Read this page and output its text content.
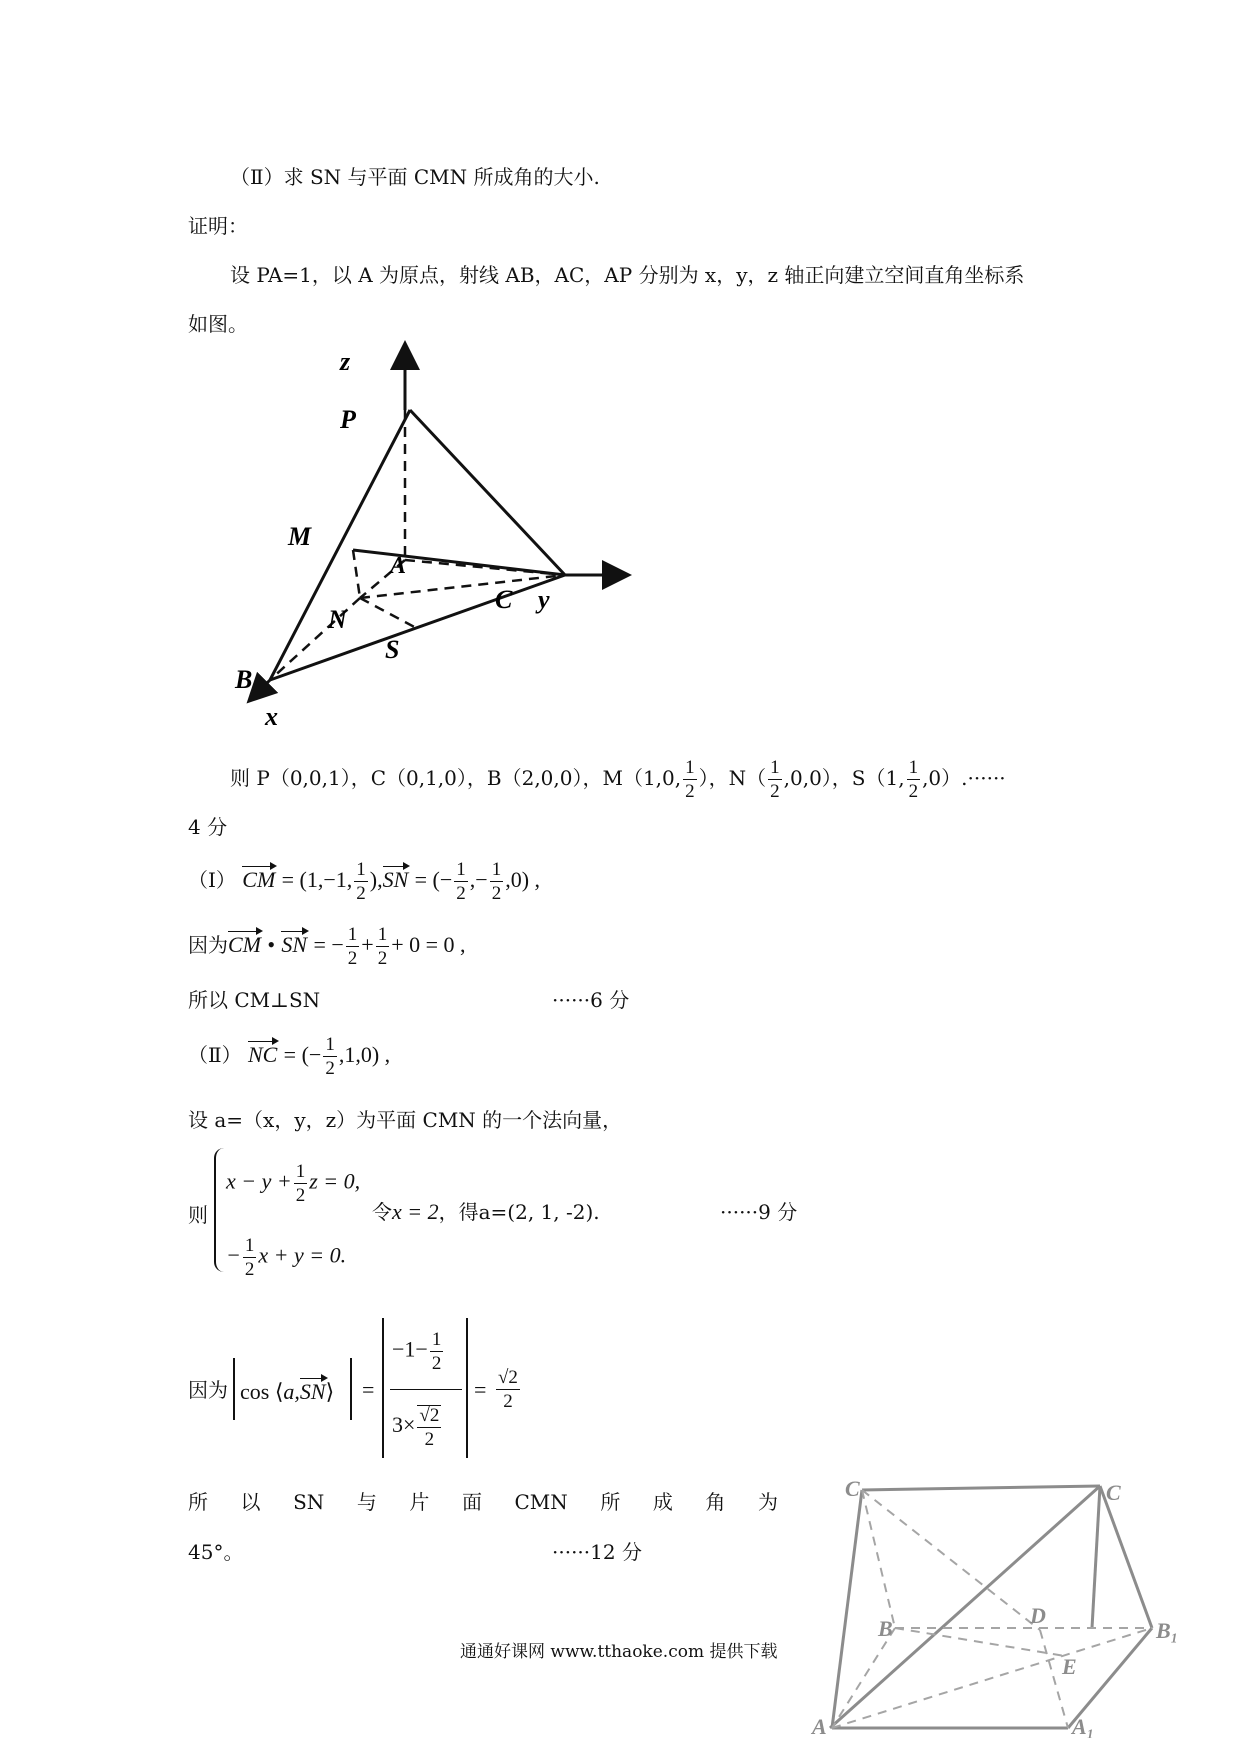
（Ⅱ）求 SN 与平面 CMN 所成角的大小.
证明：
设 PA=1，以 A 为原点，射线 AB，AC，AP 分别为 x，y，z 轴正向建立空间直角坐标系
如图。
z
P
M
A
C y
N
S
B
x
则 P（0,0,1），C（0,1,0），B（2,0,0），M（1,0, $\frac{1}{2}$ ），$N( \frac{1}{2} ,0,0)$，S（1, $\frac{1}{2} ,0).\cdot\cdot\cdot\cdot\cdot\cdot$
4 分
（Ⅰ） CM = (1,−1, $\frac{1}{2} ),SN$ = (− $\frac{1}{2}$ ,− $\frac{1}{2} ,0$) ,
因为CM • SN = − $\frac{1}{2} + \frac{1}{2} + 0 = 0$ ,
所以 CM⊥SN	······6 分
（Ⅱ） NC = (− $\frac{1}{2} ,1,0$) ,
设 a=（x，y，z）为平面 CMN 的一个法向量，
则
$x - y + \frac{1}{2}$ z = 0,
− $\frac{1}{2}$ x + y = 0.
令x = 2，得a=(2, 1, -2).	······9 分
因为 cos ⟨a,SN⟩ =
$-1- \frac{1}{2}$
$3\times \frac{√2}{2}$
= $\frac{√2}{2}$
所 以 SN 与 片 面 CMN 所 成 角 为
45°。	······12 分
通通好课网 www.tthaoke.com 提供下载
C	C
B
D
B₁
E
A	A₁
